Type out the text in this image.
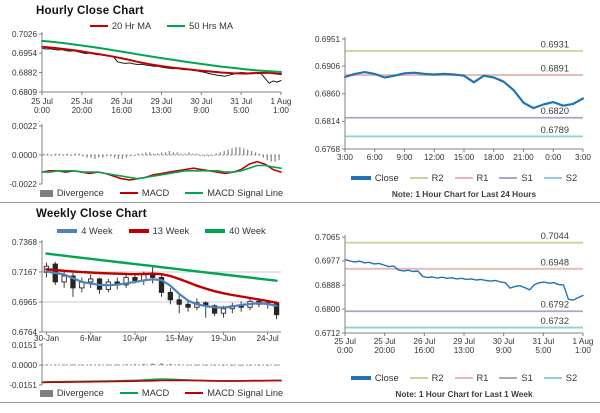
Hourly Close Chart
20 Hr MA	50 Hrs MA
0.7026
0.6954
0.6882
0.6809
25 Jul
0:00
25 Jul
20:00
26 Jul
16:00
29 Jul
13:00
30 Jul
9:00
31 Jul
5:00
1 Aug
1:00
0.0022
0.0000
-0.0022
Divergence	MACD	MACD Signal Line
0.6931
0.6891
0.6820
0.6789
0.6951
0.6906
0.6860
0.6814
0.6768
3:00 6:00 9:00 12:00 15:00 18:00 21:00 0:00 3:00
Close	R2	R1	S1	S2
Note: 1 Hour Chart for Last 24 Hours
Weekly Close Chart
4 Week	13 Week	40 Week
0.7368
0.7167
0.6965
0.6764
30-Jan	6-Mar	10-Apr 15-May 19-Jun	24-Jul
0.0151
0.0000
-0.0151
Divergence	MACD	MACD Signal Line
0.7044
0.6948
0.6792
0.6732
0.7065
0.6977
0.6888
0.6800
0.6712
25 Jul
0:00
25 Jul
20:00
26 Jul
16:00
29 Jul
13:00
30 Jul
9:00
31 Jul
5:00
1 Aug
1:00
Close	R2	R1	S1	S2
Note: 1 Hour Chart for Last 1 Week
